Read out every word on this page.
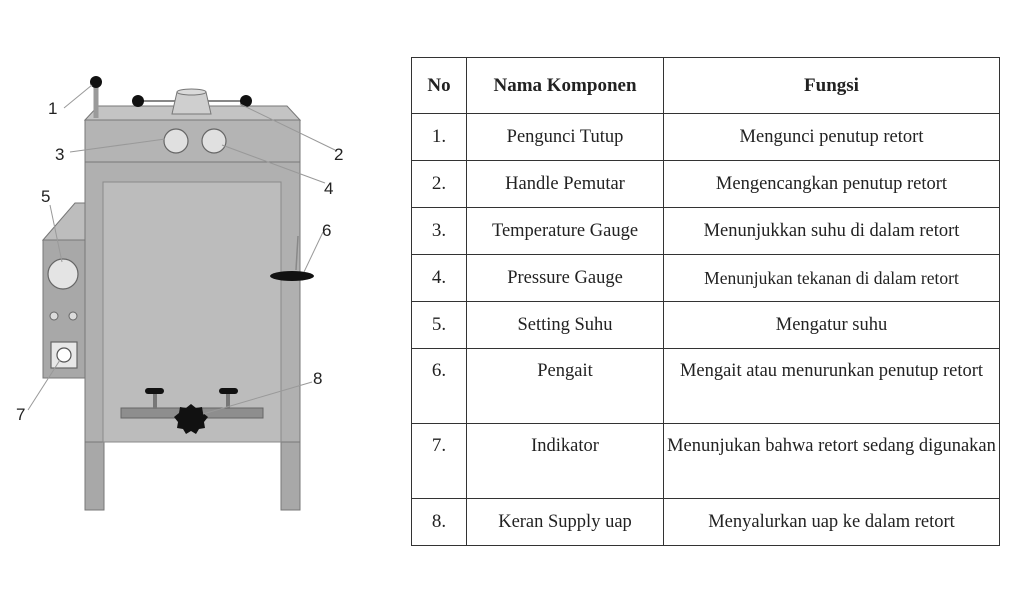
1
2
3
4
5
6
7
8
No	Nama Komponen	Fungsi
1.	Pengunci Tutup	Mengunci penutup retort
2.	Handle Pemutar	Mengencangkan penutup retort
3.	Temperature Gauge	Menunjukkan suhu di dalam retort
4.	Pressure Gauge	Menunjukan tekanan di dalam retort
5.	Setting Suhu	Mengatur suhu
6.	Pengait	Mengait atau menurunkan penutup retort
7.	Indikator	Menunjukan bahwa retort sedang digunakan
8.	Keran Supply uap	Menyalurkan uap ke dalam retort
